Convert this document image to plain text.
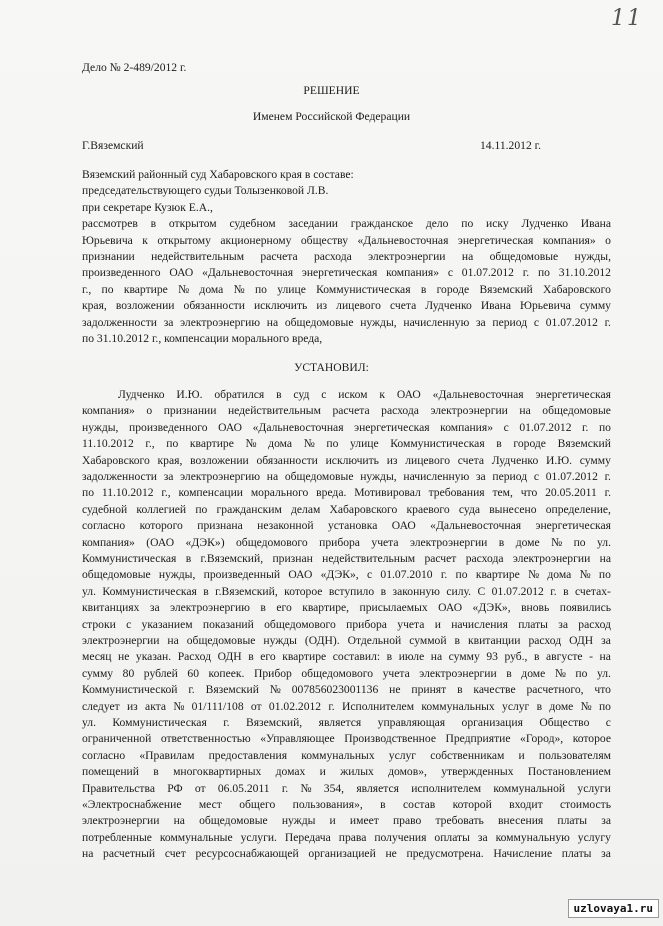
11
Дело № 2-489/2012 г.
РЕШЕНИЕ
Именем Российской Федерации
Г.Вяземский	14.11.2012 г.
Вяземский районный суд Хабаровского края в составе:
председательствующего судьи Толызенковой Л.В.
при секретаре Кузюк Е.А.,
рассмотрев в открытом судебном заседании гражданское дело по иску Лудченко Ивана
Юрьевича к открытому акционерному обществу «Дальневосточная энергетическая компания» о
признании недействительным расчета расхода электроэнергии на общедомовые нужды,
произведенного ОАО «Дальневосточная энергетическая компания» с 01.07.2012 г. по 31.10.2012
г., по квартире № дома № по улице Коммунистическая в городе Вяземский Хабаровского
края, возложении обязанности исключить из лицевого счета Лудченко Ивана Юрьевича сумму
задолженности за электроэнергию на общедомовые нужды, начисленную за период с 01.07.2012 г.
по 31.10.2012 г., компенсации морального вреда,
УСТАНОВИЛ:
Лудченко И.Ю. обратился в суд с иском к ОАО «Дальневосточная энергетическая
компания» о признании недействительным расчета расхода электроэнергии на общедомовые
нужды, произведенного ОАО «Дальневосточная энергетическая компания» с 01.07.2012 г. по
11.10.2012 г., по квартире № дома № по улице Коммунистическая в городе Вяземский
Хабаровского края, возложении обязанности исключить из лицевого счета Лудченко И.Ю. сумму
задолженности за электроэнергию на общедомовые нужды, начисленную за период с 01.07.2012 г.
по 11.10.2012 г., компенсации морального вреда. Мотивировал требования тем, что 20.05.2011 г.
судебной коллегией по гражданским делам Хабаровского краевого суда вынесено определение,
согласно которого признана незаконной установка ОАО «Дальневосточная энергетическая
компания» (ОАО «ДЭК») общедомового прибора учета электроэнергии в доме № по ул.
Коммунистическая в г.Вяземский, признан недействительным расчет расхода электроэнергии на
общедомовые нужды, произведенный ОАО «ДЭК», с 01.07.2010 г. по квартире № дома № по
ул. Коммунистическая в г.Вяземский, которое вступило в законную силу. С 01.07.2012 г. в счетах-
квитанциях за электроэнергию в его квартире, присылаемых ОАО «ДЭК», вновь появились
строки с указанием показаний общедомового прибора учета и начисления платы за расход
электроэнергии на общедомовые нужды (ОДН). Отдельной суммой в квитанции расход ОДН за
месяц не указан. Расход ОДН в его квартире составил: в июле на сумму 93 руб., в августе - на
сумму 80 рублей 60 копеек. Прибор общедомового учета электроэнергии в доме № по ул.
Коммунистической г. Вяземский № 007856023001136 не принят в качестве расчетного, что
следует из акта № 01/111/108 от 01.02.2012 г. Исполнителем коммунальных услуг в доме № по
ул. Коммунистическая г. Вяземский, является управляющая организация Общество с
ограниченной ответственностью «Управляющее Производственное Предприятие «Город», которое
согласно «Правилам предоставления коммунальных услуг собственникам и пользователям
помещений в многоквартирных домах и жилых домов», утвержденных Постановлением
Правительства РФ от 06.05.2011 г. № 354, является исполнителем коммунальной услуги
«Электроснабжение мест общего пользования», в состав которой входит стоимость
электроэнергии на общедомовые нужды и имеет право требовать внесения платы за
потребленные коммунальные услуги. Передача права получения оплаты за коммунальную услугу
на расчетный счет ресурсоснабжающей организацией не предусмотрена. Начисление платы за
uzlovaya1.ru
